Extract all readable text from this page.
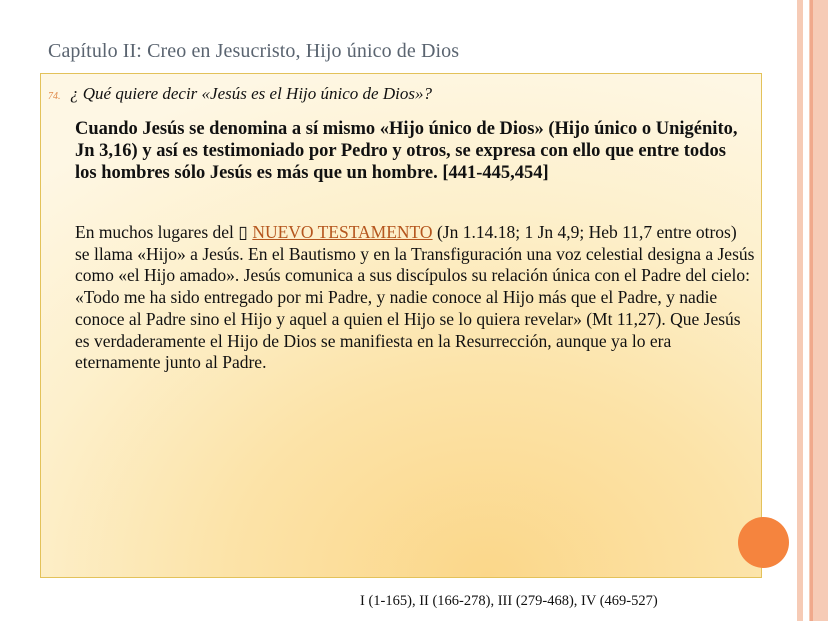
Capítulo II: Creo en Jesucristo, Hijo único de Dios
74. ¿ Qué quiere decir «Jesús es el Hijo único de Dios»?
Cuando Jesús se denomina a sí mismo «Hijo único de Dios» (Hijo único o Unigénito, Jn 3,16) y así es testimoniado por Pedro y otros, se expresa con ello que entre todos los hombres sólo Jesús es más que un hombre. [441-445,454]
En muchos lugares del ▯ NUEVO TESTAMENTO (Jn 1.14.18; 1 Jn 4,9; Heb 11,7 entre otros) se llama «Hijo» a Jesús. En el Bautismo y en la Transfiguración una voz celestial designa a Jesús como «el Hijo amado». Jesús comunica a sus discípulos su relación única con el Padre del cielo: «Todo me ha sido entregado por mi Padre, y nadie conoce al Hijo más que el Padre, y nadie conoce al Padre sino el Hijo y aquel a quien el Hijo se lo quiera revelar» (Mt 11,27). Que Jesús es verdaderamente el Hijo de Dios se manifiesta en la Resurrección, aunque ya lo era eternamente junto al Padre.
I (1-165), II (166-278), III (279-468), IV (469-527)
